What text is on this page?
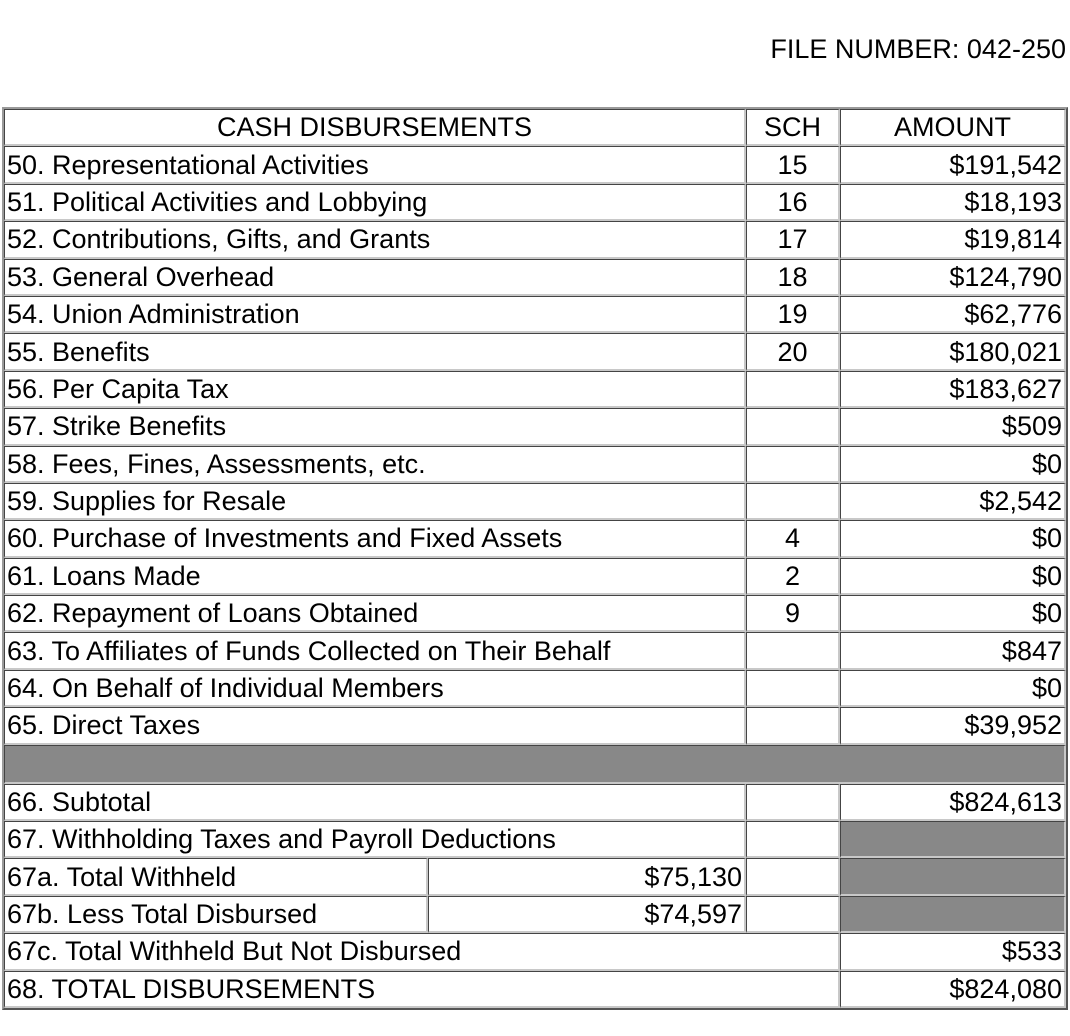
FILE NUMBER: 042-250
CASH DISBURSEMENTS		SCH	AMOUNT
50. Representational Activities		15	$191,542
51. Political Activities and Lobbying		16	$18,193
52. Contributions, Gifts, and Grants		17	$19,814
53. General Overhead		18	$124,790
54. Union Administration		19	$62,776
55. Benefits		20	$180,021
56. Per Capita Tax			$183,627
57. Strike Benefits			$509
58. Fees, Fines, Assessments, etc.			$0
59. Supplies for Resale			$2,542
60. Purchase of Investments and Fixed Assets		4	$0
61. Loans Made		2	$0
62. Repayment of Loans Obtained		9	$0
63. To Affiliates of Funds Collected on Their Behalf			$847
64. On Behalf of Individual Members			$0
65. Direct Taxes			$39,952

66. Subtotal			$824,613
67. Withholding Taxes and Payroll Deductions			
67a. Total Withheld	$75,130		
67b. Less Total Disbursed	$74,597		
67c. Total Withheld But Not Disbursed			$533
68. TOTAL DISBURSEMENTS			$824,080
